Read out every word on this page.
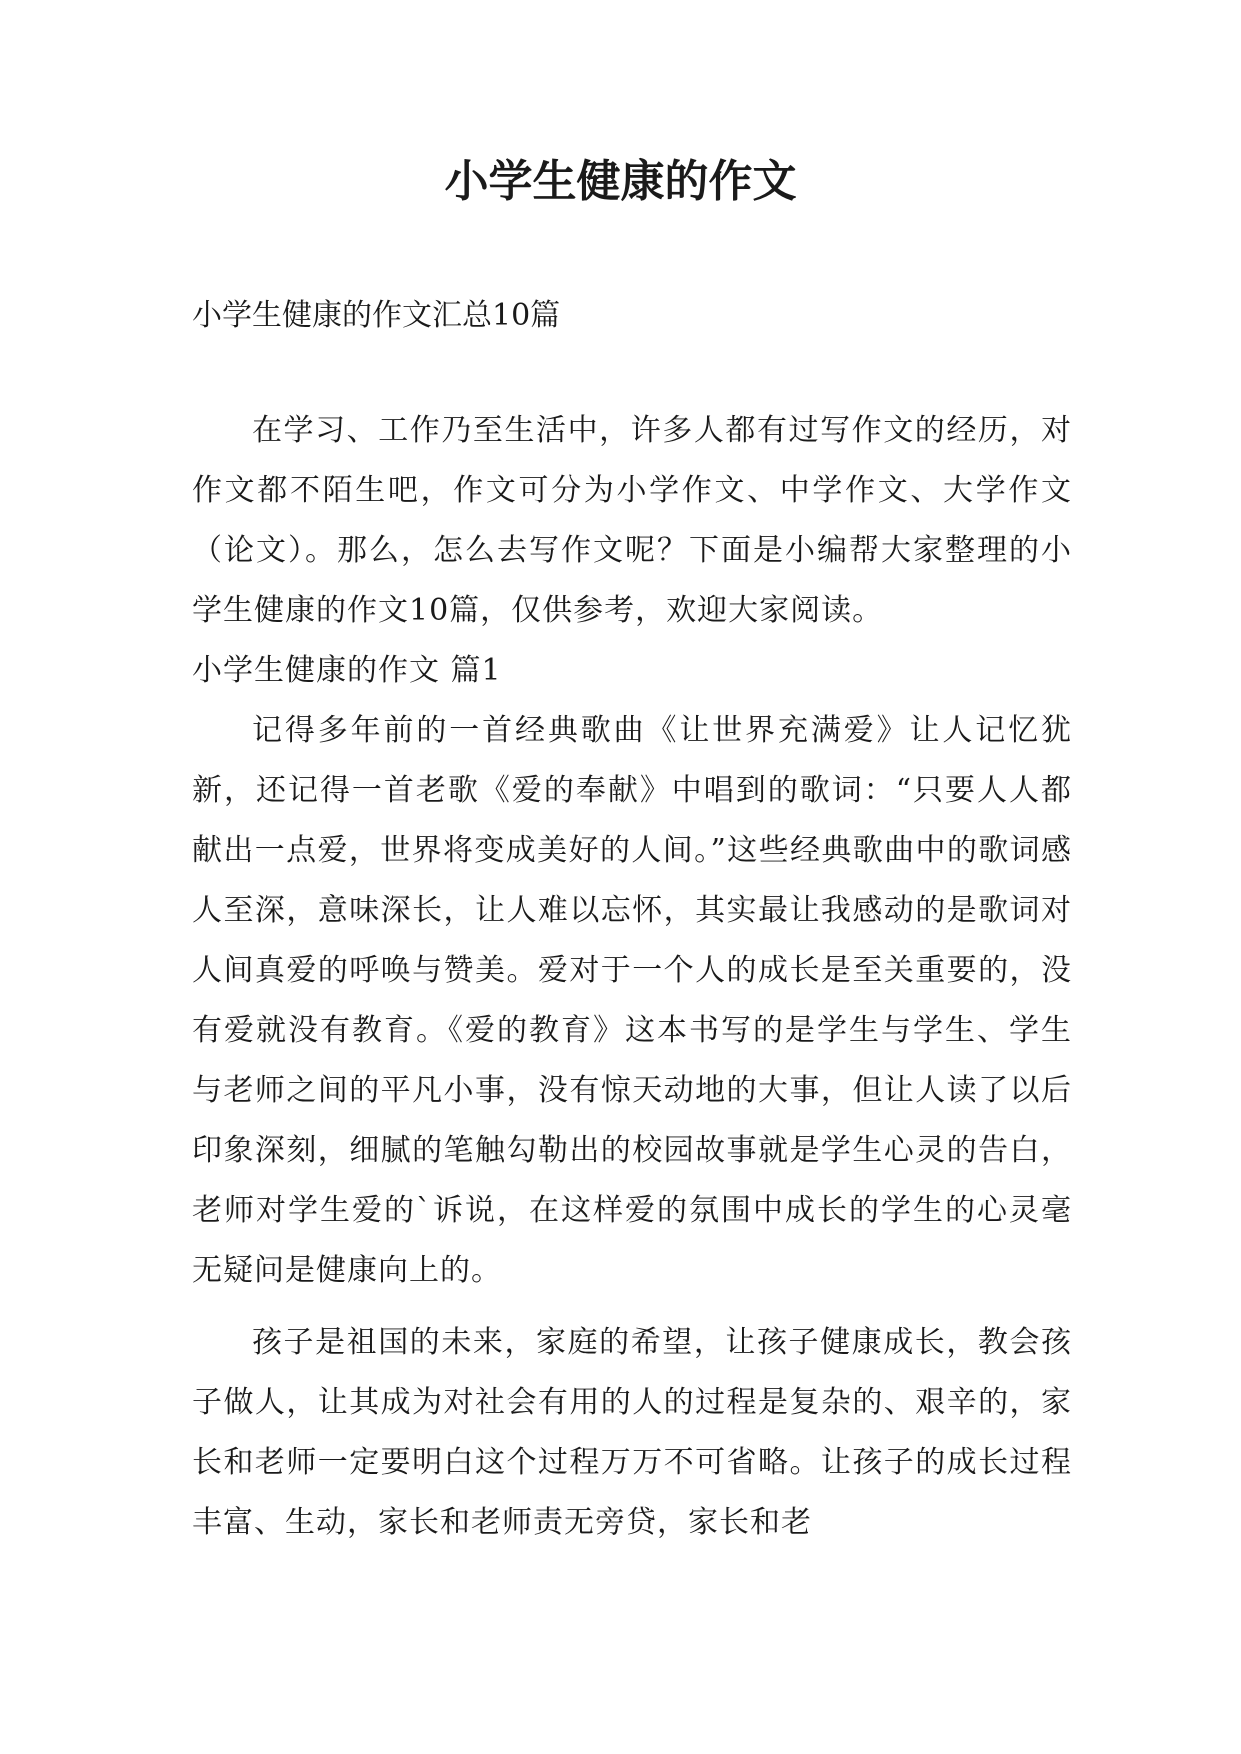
小学生健康的作文
小学生健康的作文汇总10篇

在学习、工作乃至生活中，许多人都有过写作文的经历，对作文都不陌生吧，作文可分为小学作文、中学作文、大学作文（论文）。那么，怎么去写作文呢？下面是小编帮大家整理的小学生健康的作文10篇，仅供参考，欢迎大家阅读。

小学生健康的作文 篇1

记得多年前的一首经典歌曲《让世界充满爱》让人记忆犹新，还记得一首老歌《爱的奉献》中唱到的歌词：“只要人人都献出一点爱，世界将变成美好的人间。”这些经典歌曲中的歌词感人至深，意味深长，让人难以忘怀，其实最让我感动的是歌词对人间真爱的呼唤与赞美。爱对于一个人的成长是至关重要的，没有爱就没有教育。《爱的教育》这本书写的是学生与学生、学生与老师之间的平凡小事，没有惊天动地的大事，但让人读了以后印象深刻，细腻的笔触勾勒出的校园故事就是学生心灵的告白，老师对学生爱的`诉说，在这样爱的氛围中成长的学生的心灵毫无疑问是健康向上的。

孩子是祖国的未来，家庭的希望，让孩子健康成长，教会孩子做人，让其成为对社会有用的人的过程是复杂的、艰辛的，家长和老师一定要明白这个过程万万不可省略。让孩子的成长过程丰富、生动，家长和老师责无旁贷，家长和老
